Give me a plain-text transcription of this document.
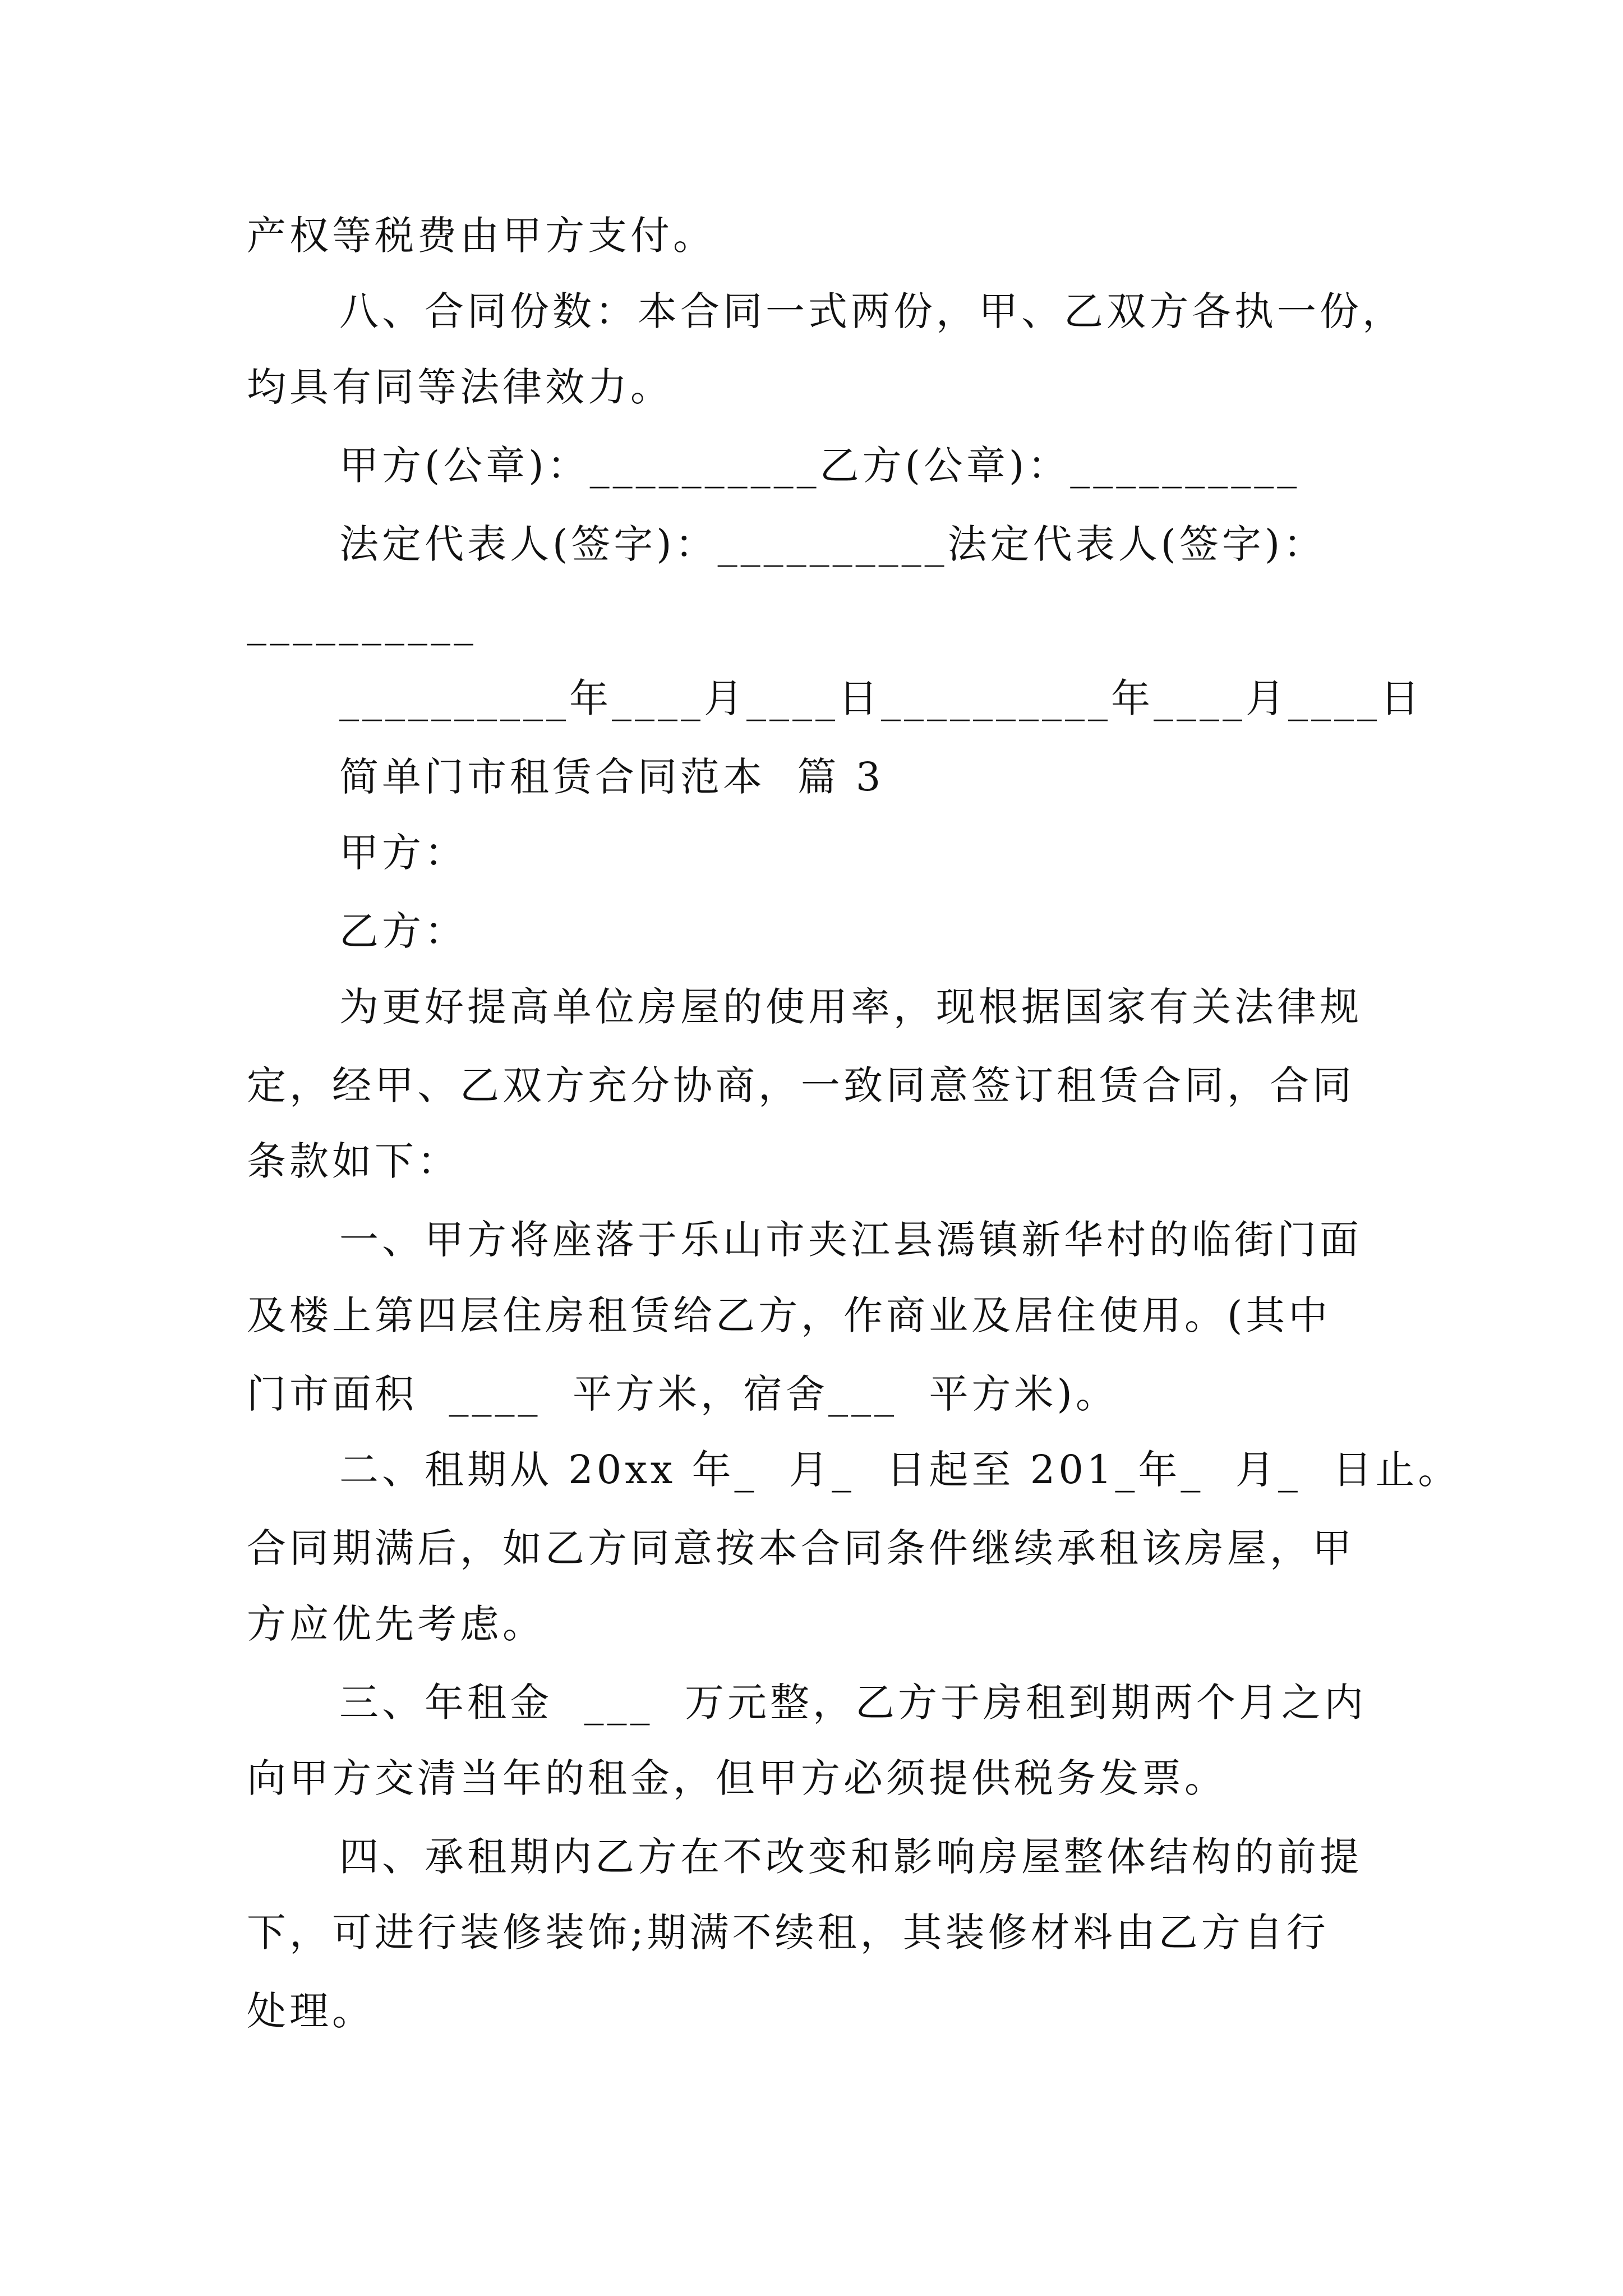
产权等税费由甲方支付。
八、合同份数：本合同一式两份，甲、乙双方各执一份，
均具有同等法律效力。
甲方(公章)：__________乙方(公章)：__________
法定代表人(签字)：__________法定代表人(签字)：
__________
__________年____月____日__________年____月____日
简单门市租赁合同范本  篇 3
甲方：
乙方：
为更好提高单位房屋的使用率，现根据国家有关法律规
定，经甲、乙双方充分协商，一致同意签订租赁合同，合同
条款如下：
一、甲方将座落于乐山市夹江县漹镇新华村的临街门面
及楼上第四层住房租赁给乙方，作商业及居住使用。(其中
门市面积  ____  平方米，宿舍___  平方米)。
二、租期从 20xx 年_  月_  日起至 201_年_  月_  日止。
合同期满后，如乙方同意按本合同条件继续承租该房屋，甲
方应优先考虑。
三、年租金  ___  万元整，乙方于房租到期两个月之内
向甲方交清当年的租金，但甲方必须提供税务发票。
四、承租期内乙方在不改变和影响房屋整体结构的前提
下，可进行装修装饰;期满不续租，其装修材料由乙方自行
处理。
